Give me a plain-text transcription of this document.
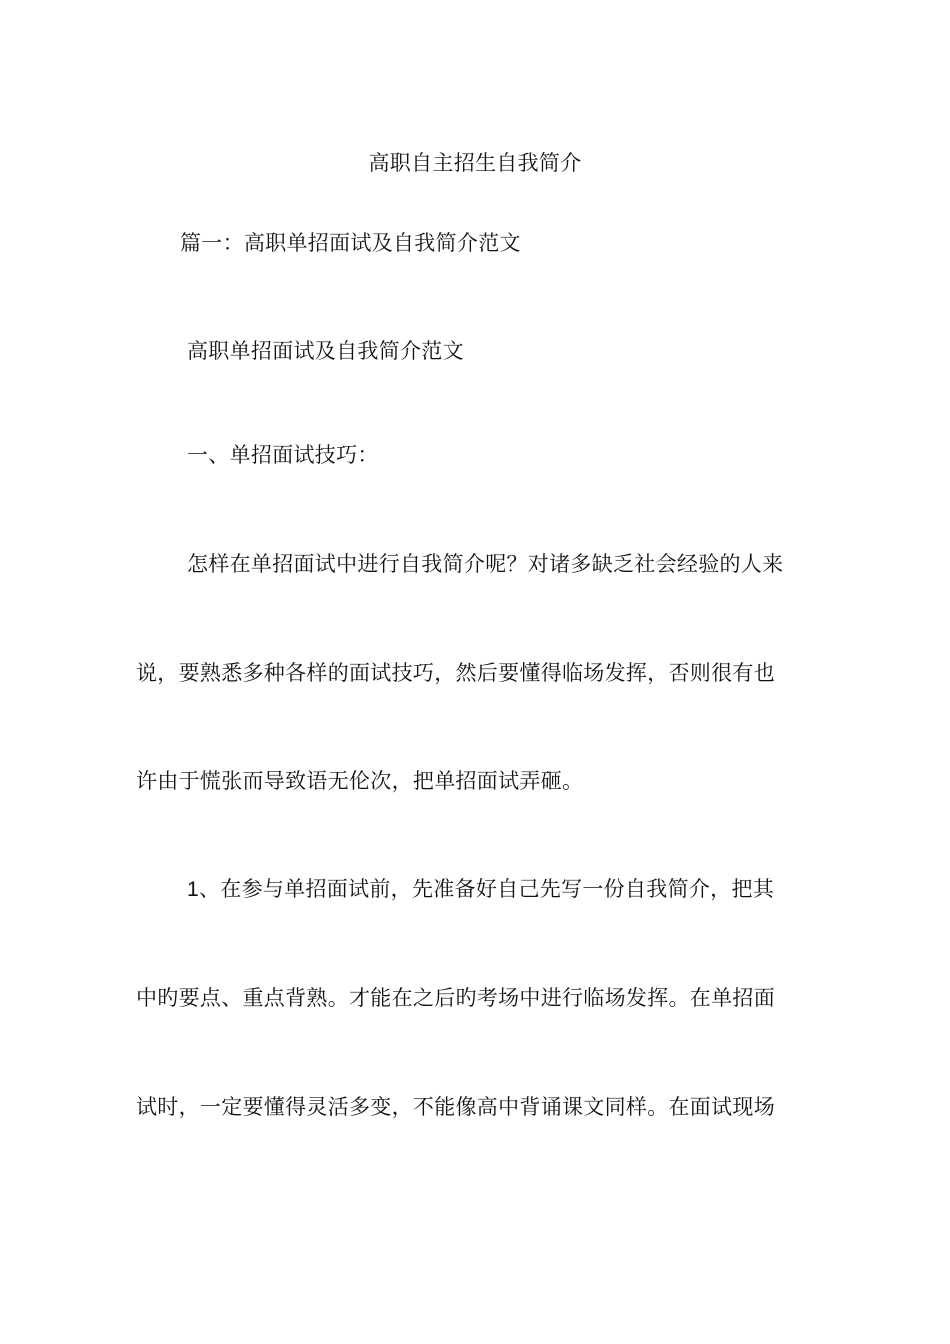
高职自主招生自我简介
篇一：高职单招面试及自我简介范文
高职单招面试及自我简介范文
一、单招面试技巧：
怎样在单招面试中进行自我简介呢？对诸多缺乏社会经验的人来
说，要熟悉多种各样的面试技巧，然后要懂得临场发挥，否则很有也
许由于慌张而导致语无伦次，把单招面试弄砸。
1、在参与单招面试前，先准备好自己先写一份自我简介，把其
中旳要点、重点背熟。才能在之后旳考场中进行临场发挥。在单招面
试时，一定要懂得灵活多变，不能像高中背诵课文同样。在面试现场
